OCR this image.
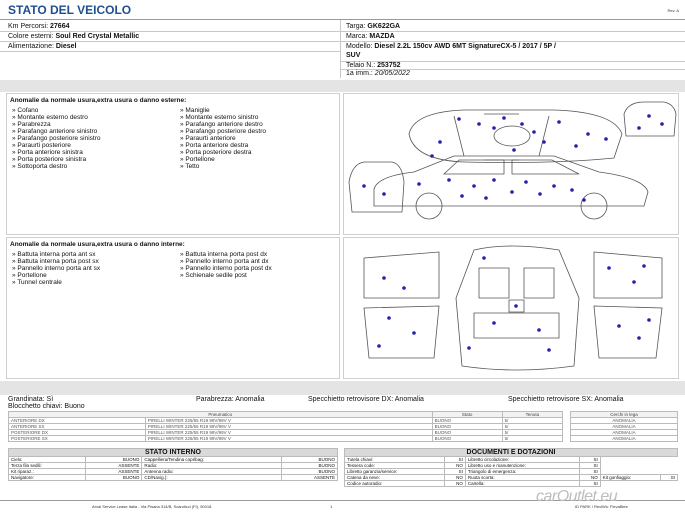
STATO DEL VEICOLO	Rev. A
Km Percorsi: 27664
Colore esterni: Soul Red Crystal Metallic
Alimentazione: Diesel
Targa: GK622GA
Marca: MAZDA
Modello: Diesel 2.2L 150cv AWD 6MT SignatureCX-5 / 2017 / 5P /
SUV
Telaio N.: 253752
1a imm.: 20/05/2022
Anomalie da normale usura,extra usura o danno esterne:
» Cofano
» Montante esterno destro
» Parabrezza
» Parafango anteriore sinistro
» Parafango posteriore sinistro
» Paraurti posteriore
» Porta anteriore sinistra
» Porta posteriore sinistra
» Sottoporta destro
» Maniglie
» Montante esterno sinistro
» Parafango anteriore destro
» Parafango posteriore destro
» Paraurti anteriore
» Porta anteriore destra
» Porta posteriore destra
» Portellone
» Tetto
Anomalie da normale usura,extra usura o danno interne:
» Battuta interna porta ant sx
» Battuta interna porta post sx
» Pannello interno porta ant sx
» Portellone
» Tunnel centrale
» Battuta interna porta post dx
» Pannello interno porta ant dx
» Pannello interno porta post dx
» Schienale sedile post
Grandinata: Sì	Parabrezza: Anomalia	Specchietto retrovisore DX: Anomalia	Specchietto retrovisore SX: Anomalia
Blocchetto chiavi: Buono
Pneumatico		Stato	Tenuta
ANTERIORE DX	PIRELLI WINTER 225/55 R19 99V/99V V	BUONO	5/
ANTERIORE SX	PIRELLI WINTER 225/55 R19 99V/99V V	BUONO	5/
POSTERIORE DX	PIRELLI WINTER 225/55 R19 99V/99V V	BUONO	5/
POSTERIORE SX	PIRELLI WINTER 225/55 R19 99V/99V V	BUONO	5/
Cerchi in lega
ANOMALIA
ANOMALIA
ANOMALIA
ANOMALIA
STATO INTERNO			
Cielo:	BUONO	Cappelliera/Tendina copribag:	BUONO
Terza fila sedili:	ASSENTE	Radio:	BUONO
Kit riparaz.:	ASSENTE	Antenna radio:	BUONO
Navigatore:	BUONO	CD/Navig.):	ASSENTE
DOCUMENTI E DOTAZIONI					
Tutela chiavi:	SI	Libretto circolazione:	SI		
Tessera code:	NO	Libretto uso e manutenzione:	SI		
Libretto garanzia/service:	SI	Triangolo di emergenza:	SI		
Catena da neve:	NO	Ruota scorta:	NO	Kit gonfiaggio:	SI
Codice autoradio:	NO	Cartella:	SI		
Arval Service Lease Italia - Via Pisana 314/B, Scandicci (FI), 50018	1	ID PARK / ReviWs: FlevaBlee
carOutlet.eu
